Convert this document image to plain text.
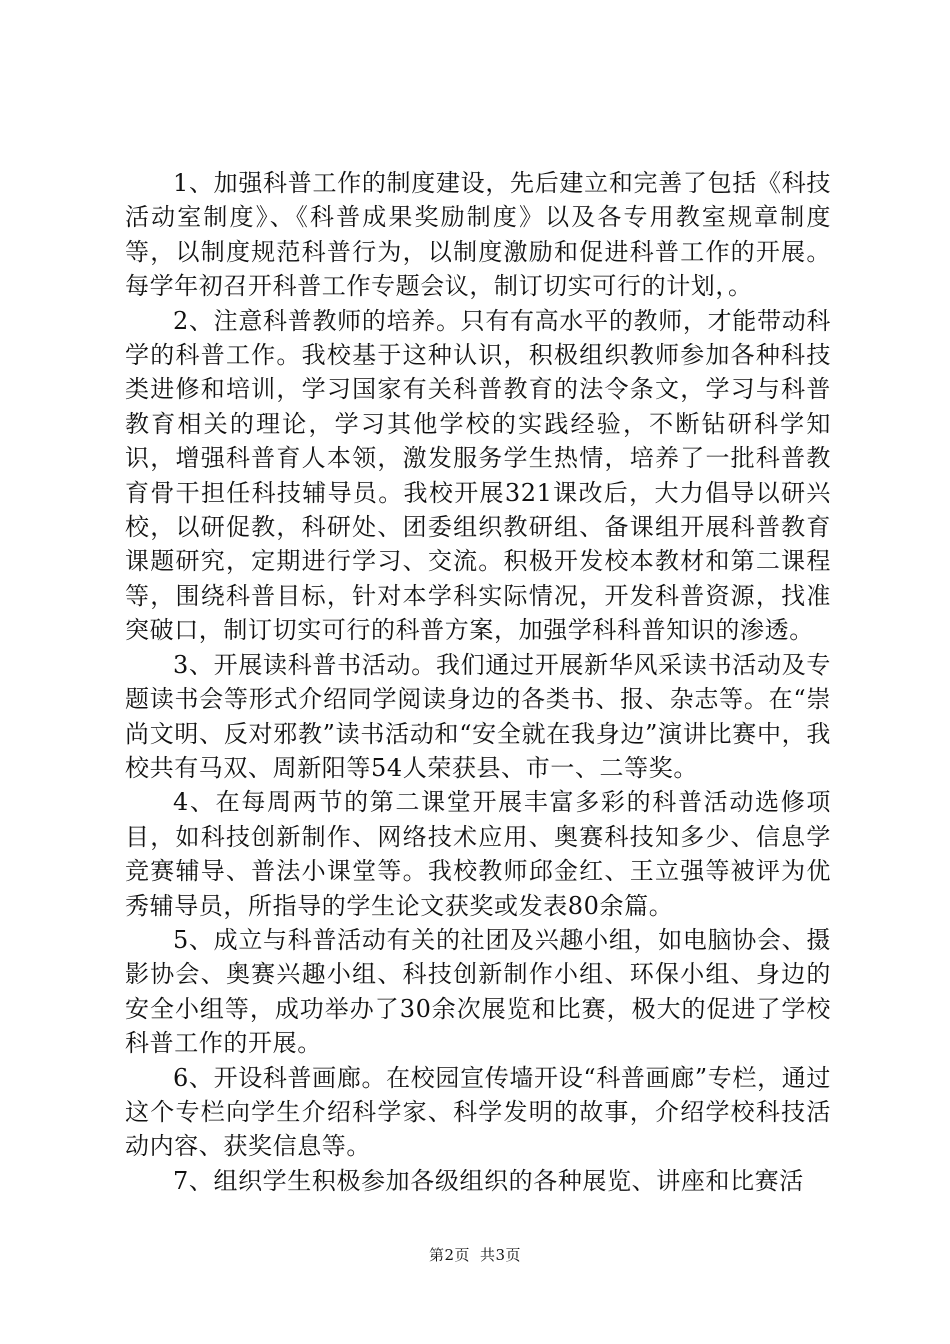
1、加强科普工作的制度建设，先后建立和完善了包括《科技活动室制度》、《科普成果奖励制度》以及各专用教室规章制度等，以制度规范科普行为，以制度激励和促进科普工作的开展。每学年初召开科普工作专题会议，制订切实可行的计划，。

2、注意科普教师的培养。只有有高水平的教师，才能带动科学的科普工作。我校基于这种认识，积极组织教师参加各种科技类进修和培训，学习国家有关科普教育的法令条文，学习与科普教育相关的理论，学习其他学校的实践经验，不断钻研科学知识，增强科普育人本领，激发服务学生热情，培养了一批科普教育骨干担任科技辅导员。我校开展321课改后，大力倡导以研兴校，以研促教，科研处、团委组织教研组、备课组开展科普教育课题研究，定期进行学习、交流。积极开发校本教材和第二课程等，围绕科普目标，针对本学科实际情况，开发科普资源，找准突破口，制订切实可行的科普方案，加强学科科普知识的渗透。

3、开展读科普书活动。我们通过开展新华风采读书活动及专题读书会等形式介绍同学阅读身边的各类书、报、杂志等。在“崇尚文明、反对邪教”读书活动和“安全就在我身边”演讲比赛中，我校共有马双、周新阳等54人荣获县、市一、二等奖。

4、在每周两节的第二课堂开展丰富多彩的科普活动选修项目，如科技创新制作、网络技术应用、奥赛科技知多少、信息学竞赛辅导、普法小课堂等。我校教师邱金红、王立强等被评为优秀辅导员，所指导的学生论文获奖或发表80余篇。

5、成立与科普活动有关的社团及兴趣小组，如电脑协会、摄影协会、奥赛兴趣小组、科技创新制作小组、环保小组、身边的安全小组等，成功举办了30余次展览和比赛，极大的促进了学校科普工作的开展。

6、开设科普画廊。在校园宣传墙开设“科普画廊”专栏，通过这个专栏向学生介绍科学家、科学发明的故事，介绍学校科技活动内容、获奖信息等。

7、组织学生积极参加各级组织的各种展览、讲座和比赛活

第2页 共3页
